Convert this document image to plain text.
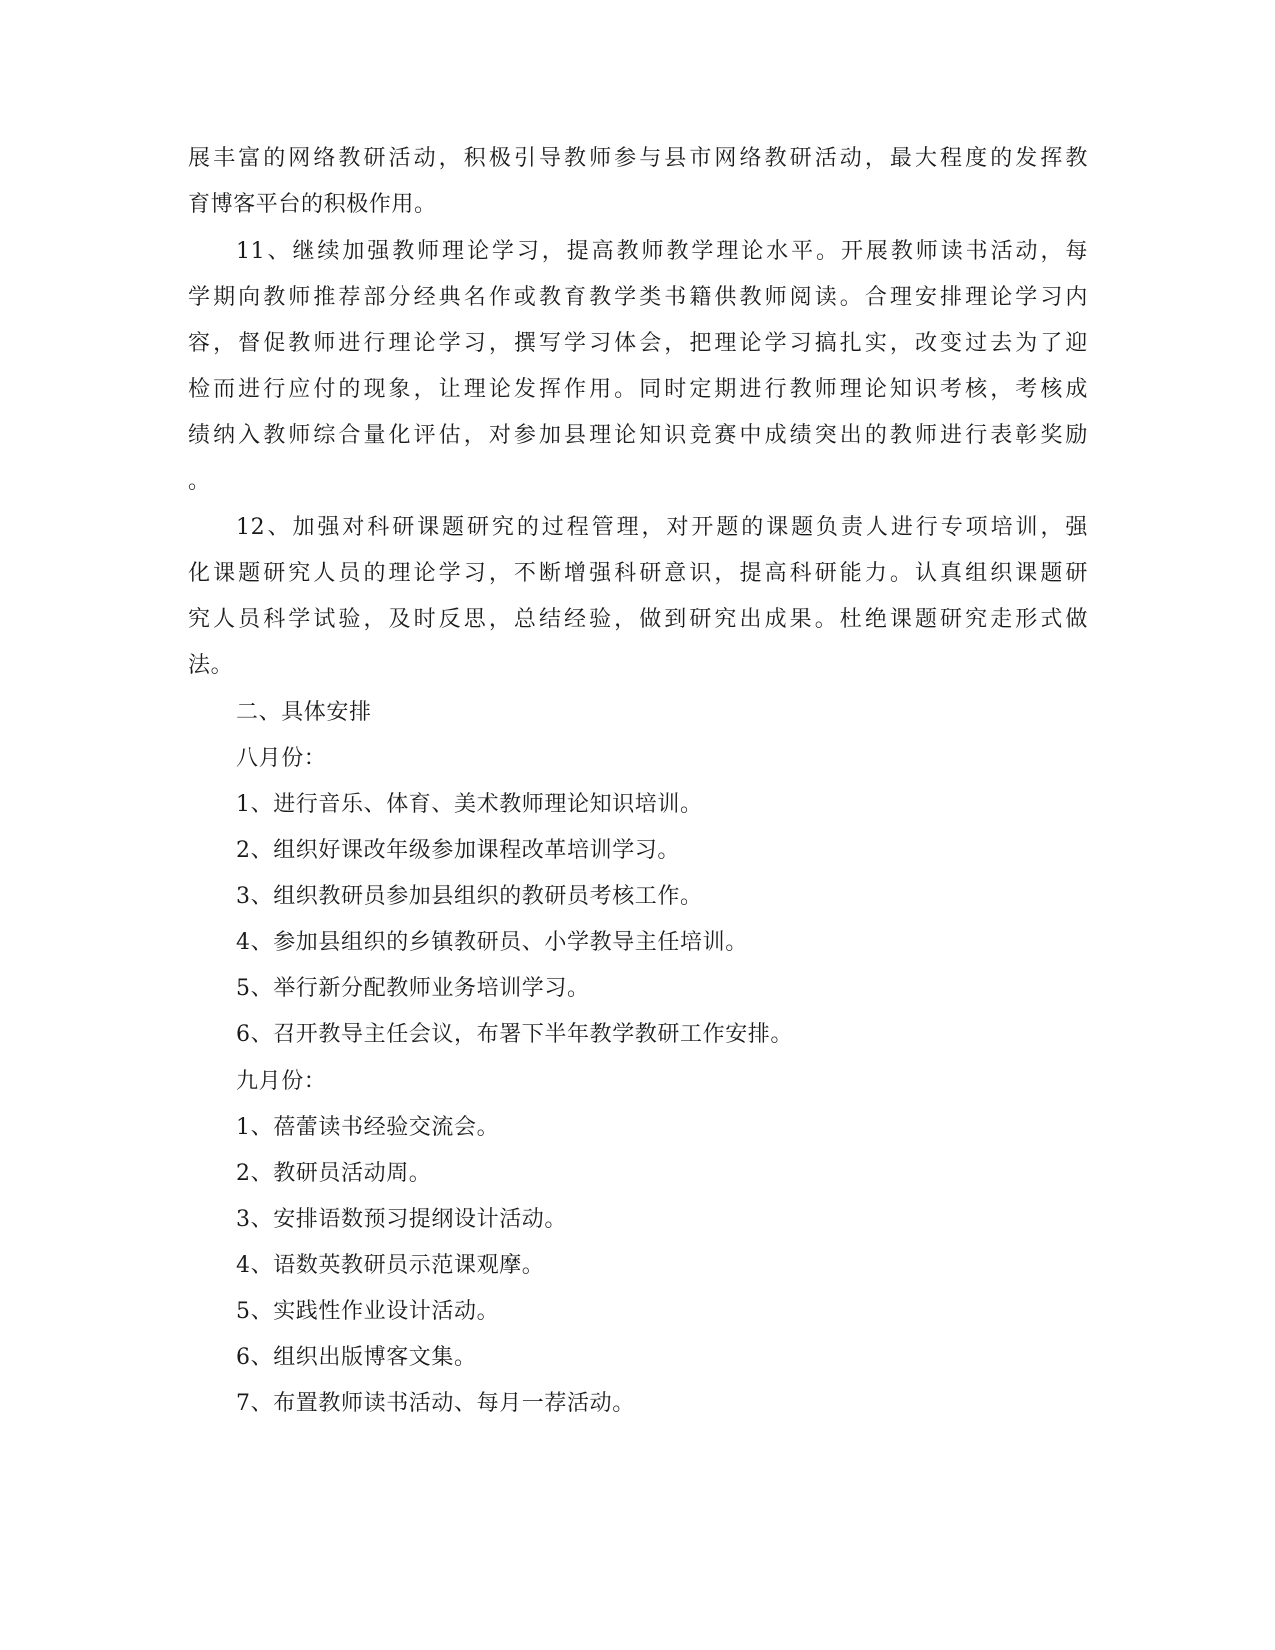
展丰富的网络教研活动，积极引导教师参与县市网络教研活动，最大程度的发挥教
育博客平台的积极作用。
11、继续加强教师理论学习，提高教师教学理论水平。开展教师读书活动，每
学期向教师推荐部分经典名作或教育教学类书籍供教师阅读。合理安排理论学习内
容，督促教师进行理论学习，撰写学习体会，把理论学习搞扎实，改变过去为了迎
检而进行应付的现象，让理论发挥作用。同时定期进行教师理论知识考核，考核成
绩纳入教师综合量化评估，对参加县理论知识竞赛中成绩突出的教师进行表彰奖励
。
12、加强对科研课题研究的过程管理，对开题的课题负责人进行专项培训，强
化课题研究人员的理论学习，不断增强科研意识，提高科研能力。认真组织课题研
究人员科学试验，及时反思，总结经验，做到研究出成果。杜绝课题研究走形式做
法。
二、具体安排
八月份：
1、进行音乐、体育、美术教师理论知识培训。
2、组织好课改年级参加课程改革培训学习。
3、组织教研员参加县组织的教研员考核工作。
4、参加县组织的乡镇教研员、小学教导主任培训。
5、举行新分配教师业务培训学习。
6、召开教导主任会议，布署下半年教学教研工作安排。
九月份：
1、蓓蕾读书经验交流会。
2、教研员活动周。
3、安排语数预习提纲设计活动。
4、语数英教研员示范课观摩。
5、实践性作业设计活动。
6、组织出版博客文集。
7、布置教师读书活动、每月一荐活动。
